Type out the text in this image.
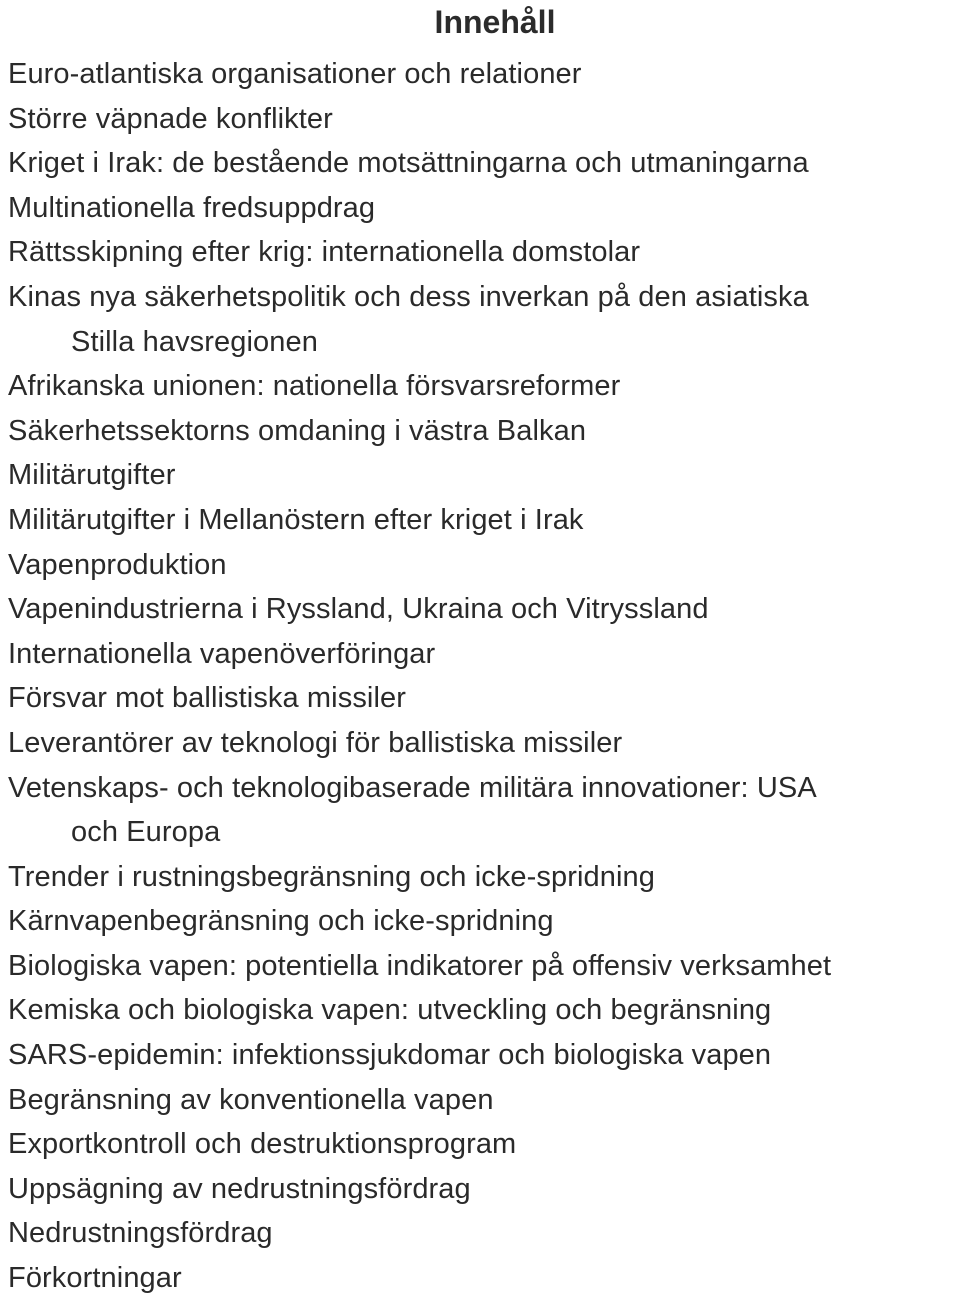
Innehåll
Euro-atlantiska organisationer och relationer
Större väpnade konflikter
Kriget i Irak: de bestående motsättningarna och utmaningarna
Multinationella fredsuppdrag
Rättsskipning efter krig: internationella domstolar
Kinas nya säkerhetspolitik och dess inverkan på den asiatiska
Stilla havsregionen
Afrikanska unionen: nationella försvarsreformer
Säkerhetssektorns omdaning i västra Balkan
Militärutgifter
Militärutgifter i Mellanöstern efter kriget i Irak
Vapenproduktion
Vapenindustrierna i Ryssland, Ukraina och Vitryssland
Internationella vapenöverföringar
Försvar mot ballistiska missiler
Leverantörer av teknologi för ballistiska missiler
Vetenskaps- och teknologibaserade militära innovationer: USA
och Europa
Trender i rustningsbegränsning och icke-spridning
Kärnvapenbegränsning och icke-spridning
Biologiska vapen: potentiella indikatorer på offensiv verksamhet
Kemiska och biologiska vapen: utveckling och begränsning
SARS-epidemin: infektionssjukdomar och biologiska vapen
Begränsning av konventionella vapen
Exportkontroll och destruktionsprogram
Uppsägning av nedrustningsfördrag
Nedrustningsfördrag
Förkortningar
